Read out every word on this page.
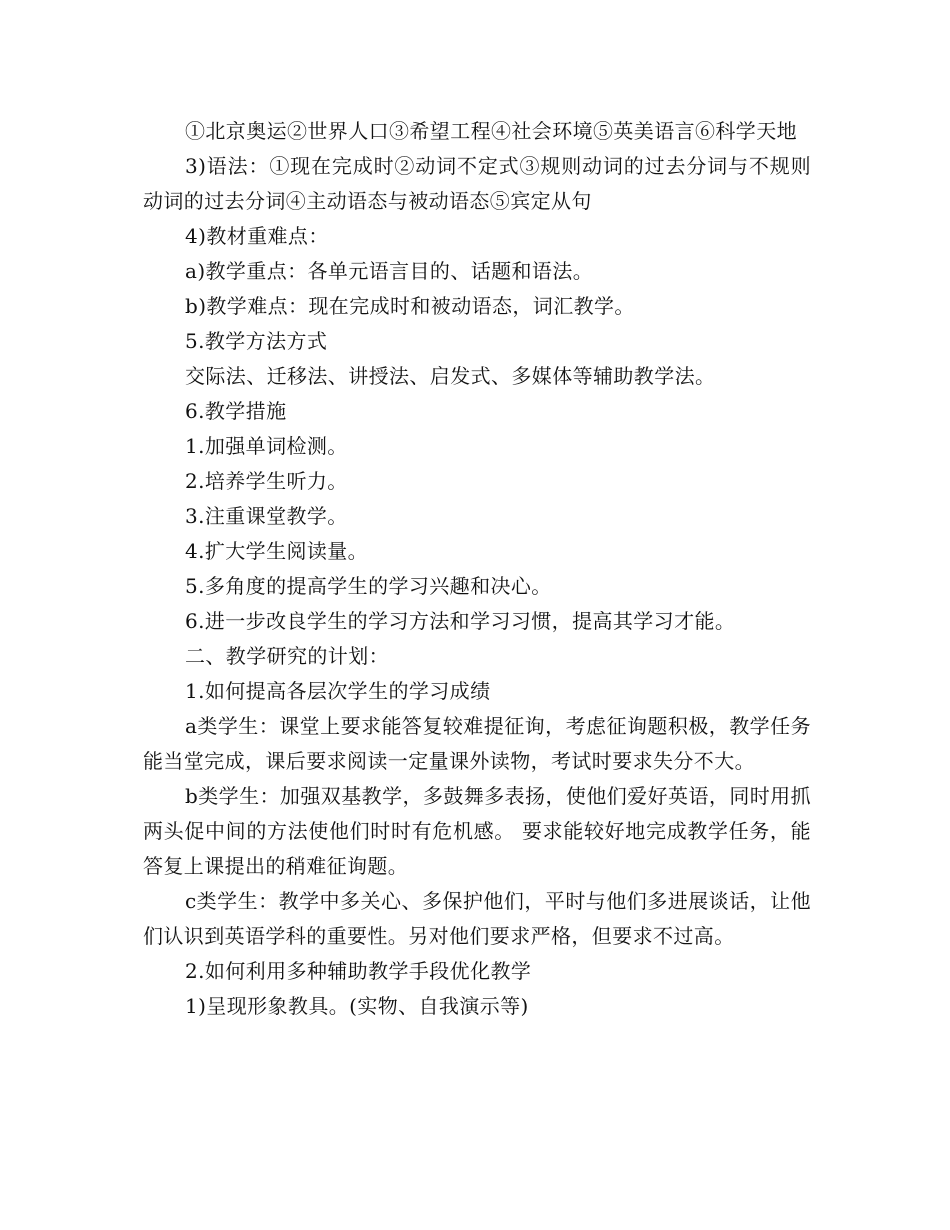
①北京奥运②世界人口③希望工程④社会环境⑤英美语言⑥科学天地

3)语法：①现在完成时②动词不定式③规则动词的过去分词与不规则动词的过去分词④主动语态与被动语态⑤宾定从句

4)教材重难点：

a)教学重点：各单元语言目的、话题和语法。

b)教学难点：现在完成时和被动语态，词汇教学。

5.教学方法方式

交际法、迁移法、讲授法、启发式、多媒体等辅助教学法。

6.教学措施

1.加强单词检测。

2.培养学生听力。

3.注重课堂教学。

4.扩大学生阅读量。

5.多角度的提高学生的学习兴趣和决心。

6.进一步改良学生的学习方法和学习习惯，提高其学习才能。

二、教学研究的计划：

1.如何提高各层次学生的学习成绩

a类学生：课堂上要求能答复较难提征询，考虑征询题积极，教学任务能当堂完成，课后要求阅读一定量课外读物，考试时要求失分不大。

b类学生：加强双基教学，多鼓舞多表扬，使他们爱好英语，同时用抓两头促中间的方法使他们时时有危机感。 要求能较好地完成教学任务，能答复上课提出的稍难征询题。

c类学生：教学中多关心、多保护他们，平时与他们多进展谈话，让他们认识到英语学科的重要性。另对他们要求严格，但要求不过高。

2.如何利用多种辅助教学手段优化教学

1)呈现形象教具。(实物、自我演示等)
